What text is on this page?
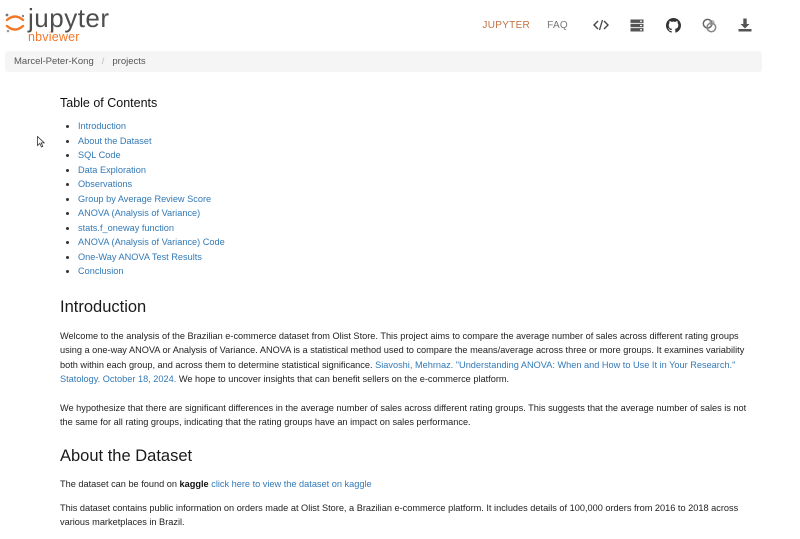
jupyter
nbviewer
JUPYTER FAQ
Marcel-Peter-Kong / projects
Table of Contents
• Introduction
• About the Dataset
• SQL Code
• Data Exploration
• Observations
• Group by Average Review Score
• ANOVA (Analysis of Variance)
• stats.f_oneway function
• ANOVA (Analysis of Variance) Code
• One-Way ANOVA Test Results
• Conclusion
Introduction

Welcome to the analysis of the Brazilian e-commerce dataset from Olist Store. This project aims to compare the average number of sales across different rating groups using a one-way ANOVA or Analysis of Variance. ANOVA is a statistical method used to compare the means/average across three or more groups. It examines variability both within each group, and across them to determine statistical significance. Siavoshi, Mehrnaz. "Understanding ANOVA: When and How to Use It in Your Research." Statology. October 18, 2024. We hope to uncover insights that can benefit sellers on the e-commerce platform.

We hypothesize that there are significant differences in the average number of sales across different rating groups. This suggests that the average number of sales is not the same for all rating groups, indicating that the rating groups have an impact on sales performance.

About the Dataset

The dataset can be found on kaggle click here to view the dataset on kaggle

This dataset contains public information on orders made at Olist Store, a Brazilian e-commerce platform. It includes details of 100,000 orders from 2016 to 2018 across various marketplaces in Brazil.
